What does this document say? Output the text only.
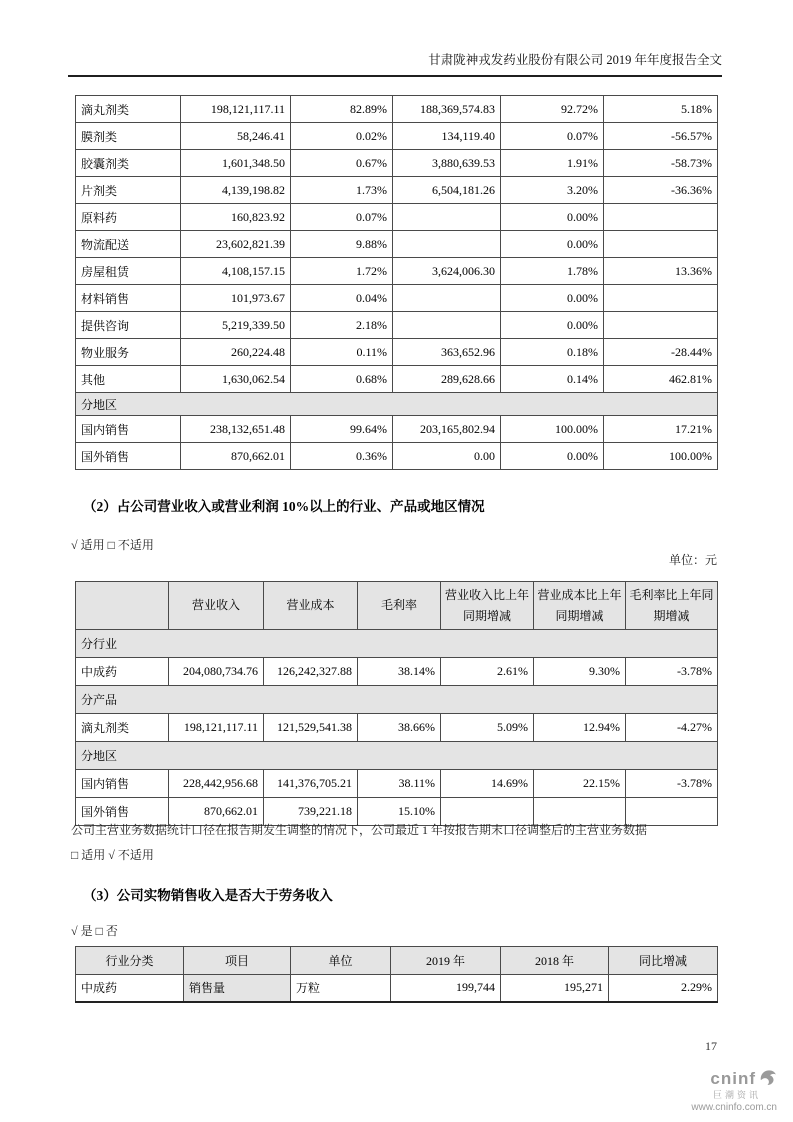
甘肃陇神戎发药业股份有限公司 2019 年年度报告全文
滴丸剂类	198,121,117.11	82.89%	188,369,574.83	92.72%	5.18%
膜剂类	58,246.41	0.02%	134,119.40	0.07%	-56.57%
胶囊剂类	1,601,348.50	0.67%	3,880,639.53	1.91%	-58.73%
片剂类	4,139,198.82	1.73%	6,504,181.26	3.20%	-36.36%
原料药	160,823.92	0.07%		0.00%	
物流配送	23,602,821.39	9.88%		0.00%	
房屋租赁	4,108,157.15	1.72%	3,624,006.30	1.78%	13.36%
材料销售	101,973.67	0.04%		0.00%	
提供咨询	5,219,339.50	2.18%		0.00%	
物业服务	260,224.48	0.11%	363,652.96	0.18%	-28.44%
其他	1,630,062.54	0.68%	289,628.66	0.14%	462.81%
分地区					
国内销售	238,132,651.48	99.64%	203,165,802.94	100.00%	17.21%
国外销售	870,662.01	0.36%	0.00	0.00%	100.00%
（2）占公司营业收入或营业利润 10%以上的行业、产品或地区情况
√ 适用 □ 不适用
单位：元
	营业收入	营业成本	毛利率	营业收入比上年同期增减	营业成本比上年同期增减	毛利率比上年同期增减
分行业						
中成药	204,080,734.76	126,242,327.88	38.14%	2.61%	9.30%	-3.78%
分产品						
滴丸剂类	198,121,117.11	121,529,541.38	38.66%	5.09%	12.94%	-4.27%
分地区						
国内销售	228,442,956.68	141,376,705.21	38.11%	14.69%	22.15%	-3.78%
国外销售	870,662.01	739,221.18	15.10%			
公司主营业务数据统计口径在报告期发生调整的情况下，公司最近 1 年按报告期末口径调整后的主营业务数据
□ 适用 √ 不适用
（3）公司实物销售收入是否大于劳务收入
√ 是 □ 否
行业分类	项目	单位	2019 年	2018 年	同比增减
中成药	销售量	万粒	199,744	195,271	2.29%
17
cninf
巨潮资讯
www.cninfo.com.cn
